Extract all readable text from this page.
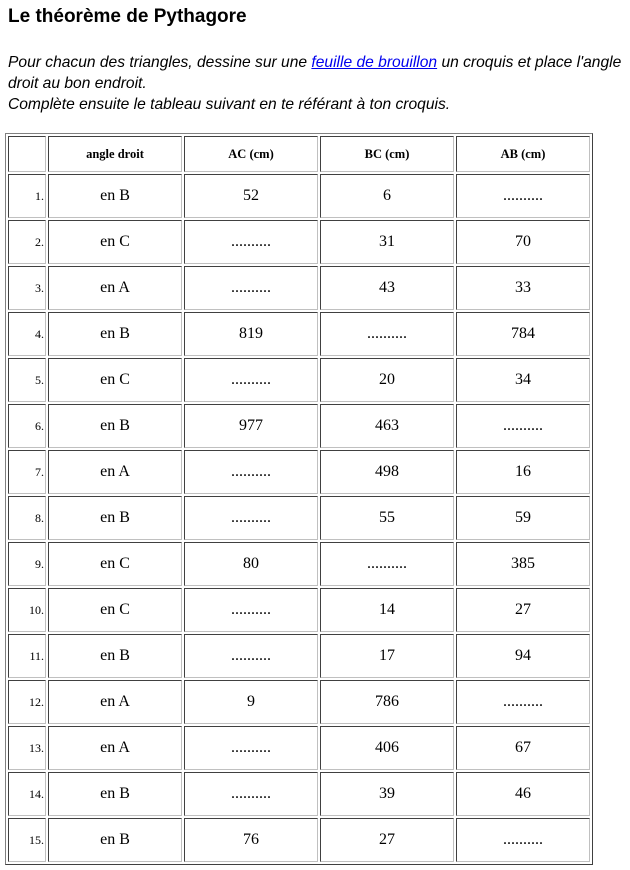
Le théorème de Pythagore

Pour chacun des triangles, dessine sur une feuille de brouillon un croquis et place l'angle droit au bon endroit.
Complète ensuite le tableau suivant en te référant à ton croquis.

	angle droit	AC (cm)	BC (cm)	AB (cm)
1.	en B	52	6	..........
2.	en C	..........	31	70
3.	en A	..........	43	33
4.	en B	819	..........	784
5.	en C	..........	20	34
6.	en B	977	463	..........
7.	en A	..........	498	16
8.	en B	..........	55	59
9.	en C	80	..........	385
10.	en C	..........	14	27
11.	en B	..........	17	94
12.	en A	9	786	..........
13.	en A	..........	406	67
14.	en B	..........	39	46
15.	en B	76	27	..........
